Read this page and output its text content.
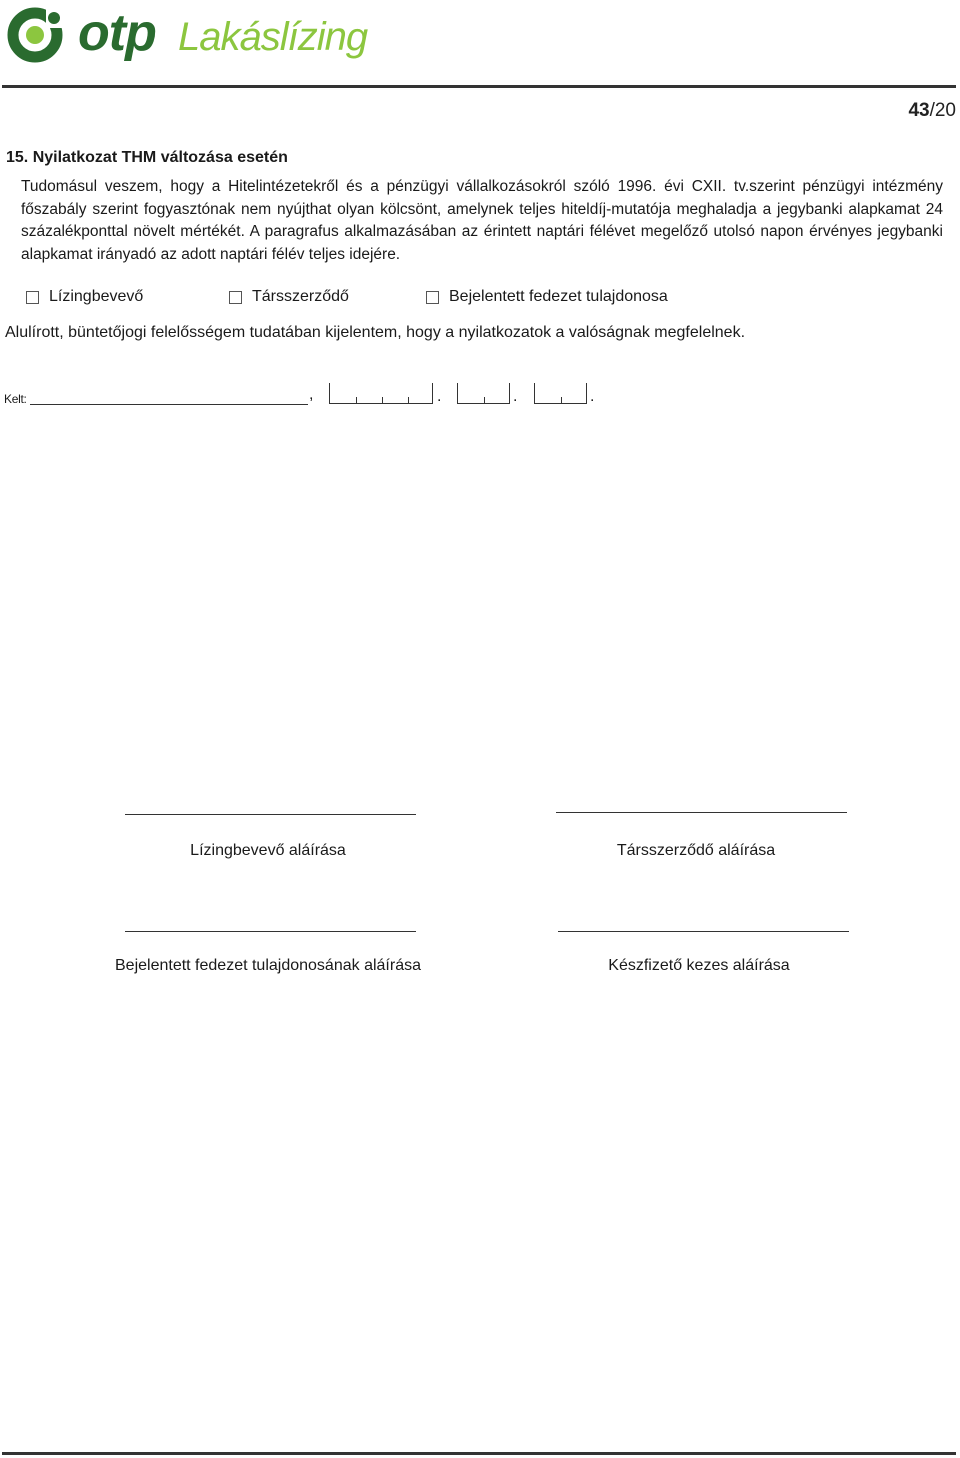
otp Lakáslízing
43/20
15. Nyilatkozat THM változása esetén
Tudomásul veszem, hogy a Hitelintézetekről és a pénzügyi vállalkozásokról szóló 1996. évi CXII. tv.szerint pénzügyi intézmény főszabály szerint fogyasztónak nem nyújthat olyan kölcsönt, amelynek teljes hiteldíj-mutatója meghaladja a jegybanki alapkamat 24 százalékponttal növelt mértékét. A paragrafus alkalmazásában az érintett naptári félévet megelőző utolsó napon érvényes jegybanki alapkamat irányadó az adott naptári félév teljes idejére.
Lízingbevevő	Társszerződő	Bejelentett fedezet tulajdonosa
Alulírott, büntetőjogi felelősségem tudatában kijelentem, hogy a nyilatkozatok a valóságnak megfelelnek.
Kelt:	,	.	.	.
Lízingbevevő aláírása	Társszerződő aláírása
Bejelentett fedezet tulajdonosának aláírása	Készfizető kezes aláírása
